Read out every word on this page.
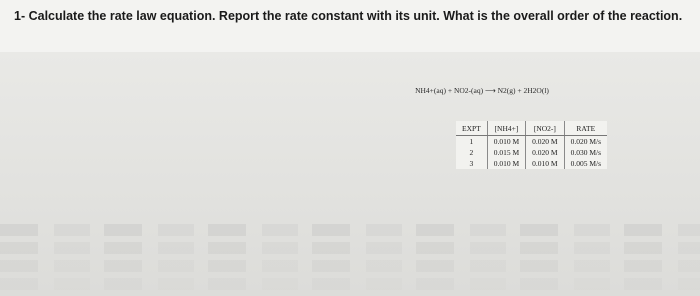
1- Calculate the rate law equation. Report the rate constant with its unit. What is the overall order of the reaction.

NH4+(aq) + NO2-(aq) ⟶ N2(g) + 2H2O(l)
EXPT	[NH4+]	[NO2-]	RATE
1	0.010 M	0.020 M	0.020 M/s
2	0.015 M	0.020 M	0.030 M/s
3	0.010 M	0.010 M	0.005 M/s
